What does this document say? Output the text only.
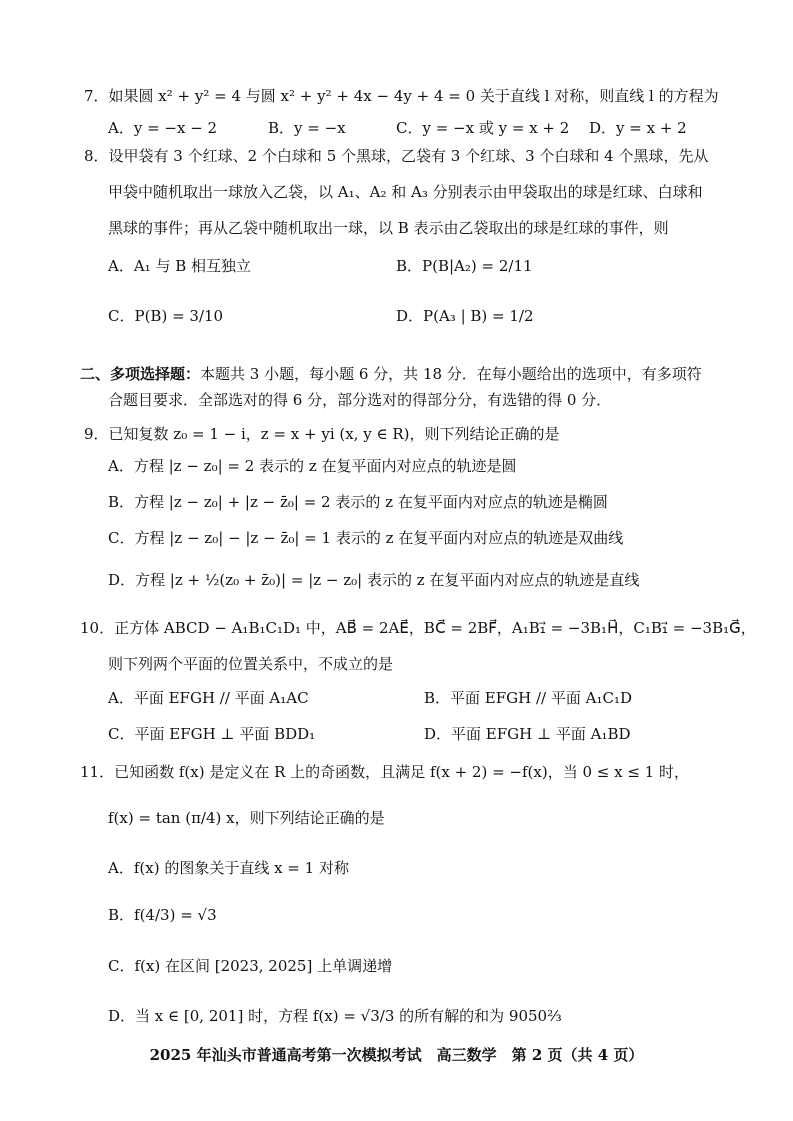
7．如果圆 x² + y² = 4 与圆 x² + y² + 4x − 4y + 4 = 0 关于直线 l 对称，则直线 l 的方程为
A．y = −x − 2	B．y = −x	C．y = −x 或 y = x + 2 D．y = x + 2
8．设甲袋有 3 个红球、2 个白球和 5 个黑球，乙袋有 3 个红球、3 个白球和 4 个黑球，先从
甲袋中随机取出一球放入乙袋，以 A₁、A₂ 和 A₃ 分别表示由甲袋取出的球是红球、白球和
黑球的事件；再从乙袋中随机取出一球，以 B 表示由乙袋取出的球是红球的事件，则
A．A₁ 与 B 相互独立	B．P(B|A₂) = 2/11
C．P(B) = 3/10	D．P(A₃ | B) = 1/2
二、多项选择题：本题共 3 小题，每小题 6 分，共 18 分．在每小题给出的选项中，有多项符
合题目要求．全部选对的得 6 分，部分选对的得部分分，有选错的得 0 分．
9．已知复数 z₀ = 1 − i，z = x + yi (x, y ∈ R)，则下列结论正确的是
A．方程 |z − z₀| = 2 表示的 z 在复平面内对应点的轨迹是圆
B．方程 |z − z₀| + |z − z̄₀| = 2 表示的 z 在复平面内对应点的轨迹是椭圆
C．方程 |z − z₀| − |z − z̄₀| = 1 表示的 z 在复平面内对应点的轨迹是双曲线
D．方程 |z + ½(z₀ + z̄₀)| = |z − z₀| 表示的 z 在复平面内对应点的轨迹是直线
10．正方体 ABCD − A₁B₁C₁D₁ 中，AB⃗ = 2AE⃗，BC⃗ = 2BF⃗，A₁B₁⃗ = −3B₁H⃗，C₁B₁⃗ = −3B₁G⃗，
则下列两个平面的位置关系中，不成立的是
A．平面 EFGH // 平面 A₁AC	B．平面 EFGH // 平面 A₁C₁D
C．平面 EFGH ⊥ 平面 BDD₁	D．平面 EFGH ⊥ 平面 A₁BD
11．已知函数 f(x) 是定义在 R 上的奇函数，且满足 f(x + 2) = −f(x)，当 0 ≤ x ≤ 1 时，
f(x) = tan (π/4) x，则下列结论正确的是
A．f(x) 的图象关于直线 x = 1 对称
B．f(4/3) = √3
C．f(x) 在区间 [2023, 2025] 上单调递增
D．当 x ∈ [0, 201] 时，方程 f(x) = √3/3 的所有解的和为 9050⅔
2025 年汕头市普通高考第一次模拟考试　高三数学　第 2 页（共 4 页）
